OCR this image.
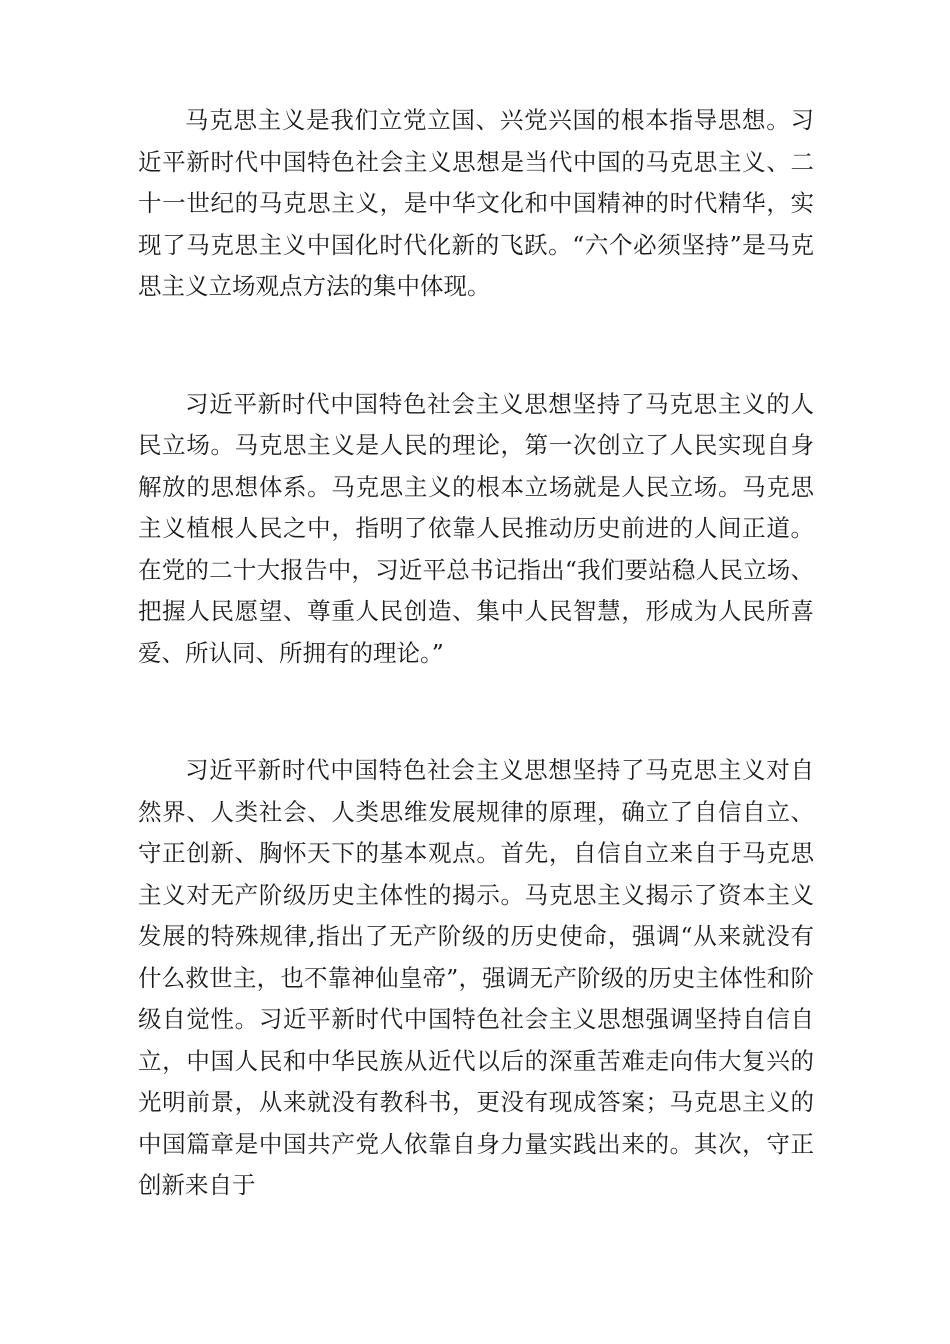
马克思主义是我们立党立国、兴党兴国的根本指导思想。习近平新时代中国特色社会主义思想是当代中国的马克思主义、二十一世纪的马克思主义，是中华文化和中国精神的时代精华，实现了马克思主义中国化时代化新的飞跃。“六个必须坚持”是马克思主义立场观点方法的集中体现。

习近平新时代中国特色社会主义思想坚持了马克思主义的人民立场。马克思主义是人民的理论，第一次创立了人民实现自身解放的思想体系。马克思主义的根本立场就是人民立场。马克思主义植根人民之中，指明了依靠人民推动历史前进的人间正道。在党的二十大报告中，习近平总书记指出“我们要站稳人民立场、把握人民愿望、尊重人民创造、集中人民智慧，形成为人民所喜爱、所认同、所拥有的理论。”

习近平新时代中国特色社会主义思想坚持了马克思主义对自然界、人类社会、人类思维发展规律的原理，确立了自信自立、守正创新、胸怀天下的基本观点。首先，自信自立来自于马克思主义对无产阶级历史主体性的揭示。马克思主义揭示了资本主义发展的特殊规律,指出了无产阶级的历史使命，强调“从来就没有什么救世主，也不靠神仙皇帝”，强调无产阶级的历史主体性和阶级自觉性。习近平新时代中国特色社会主义思想强调坚持自信自立，中国人民和中华民族从近代以后的深重苦难走向伟大复兴的光明前景，从来就没有教科书，更没有现成答案；马克思主义的中国篇章是中国共产党人依靠自身力量实践出来的。其次，守正创新来自于
